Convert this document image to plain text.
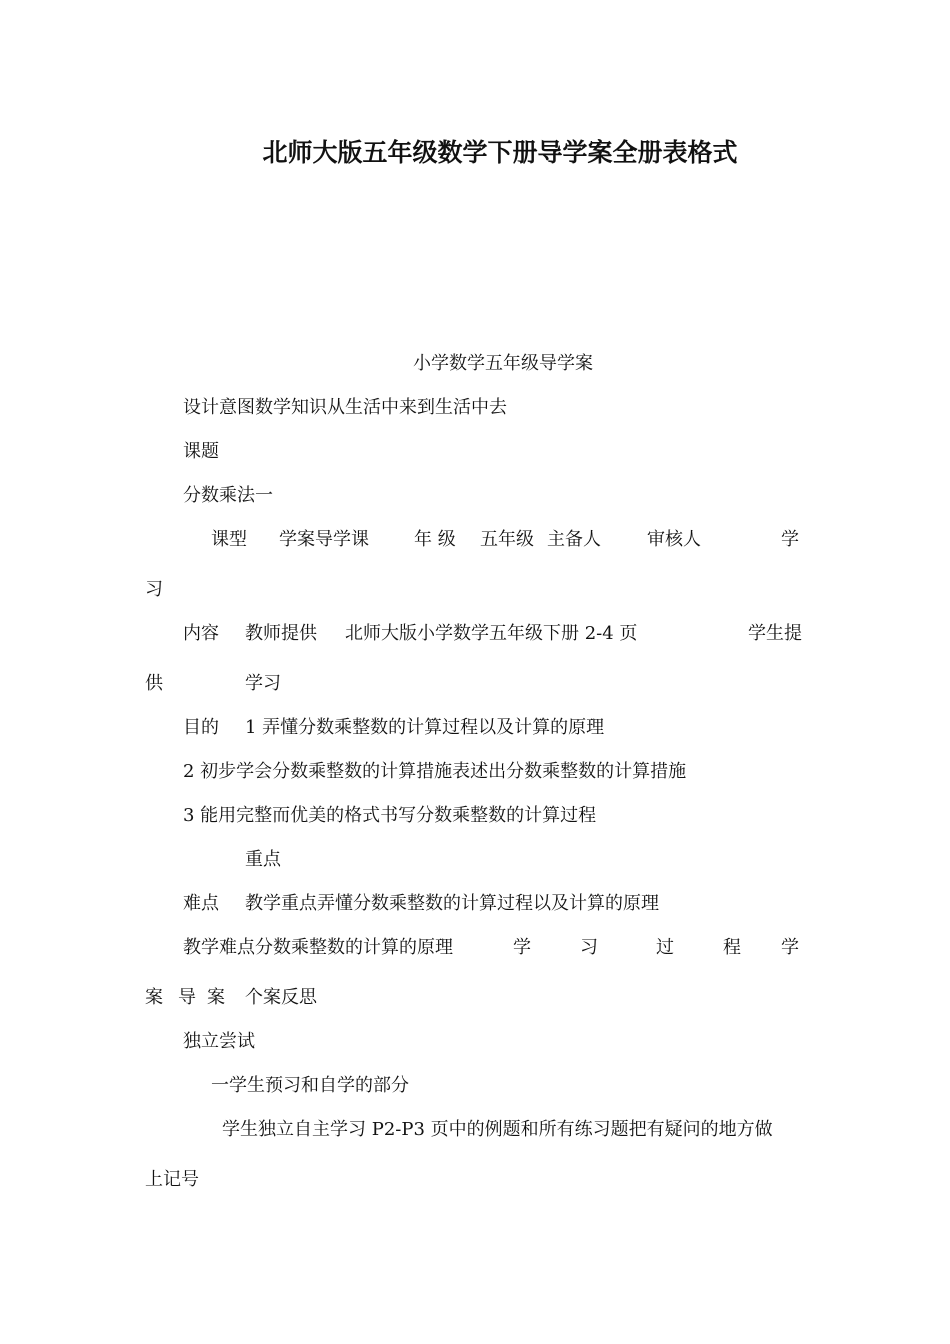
北师大版五年级数学下册导学案全册表格式
小学数学五年级导学案
设计意图数学知识从生活中来到生活中去
课题
分数乘法一
课型 学案导学课	年 级 五年级 主备人	审核人	学
习
内容 教师提供 北师大版小学数学五年级下册 2-4 页	学生提
供	学习
目的 1 弄懂分数乘整数的计算过程以及计算的原理
2 初步学会分数乘整数的计算措施表述出分数乘整数的计算措施
3 能用完整而优美的格式书写分数乘整数的计算过程
重点
难点 教学重点弄懂分数乘整数的计算过程以及计算的原理
教学难点分数乘整数的计算的原理	学	习	过	程 学
案 导 案 个案反思
独立尝试
一学生预习和自学的部分
学生独立自主学习 P2-P3 页中的例题和所有练习题把有疑问的地方做
上记号
